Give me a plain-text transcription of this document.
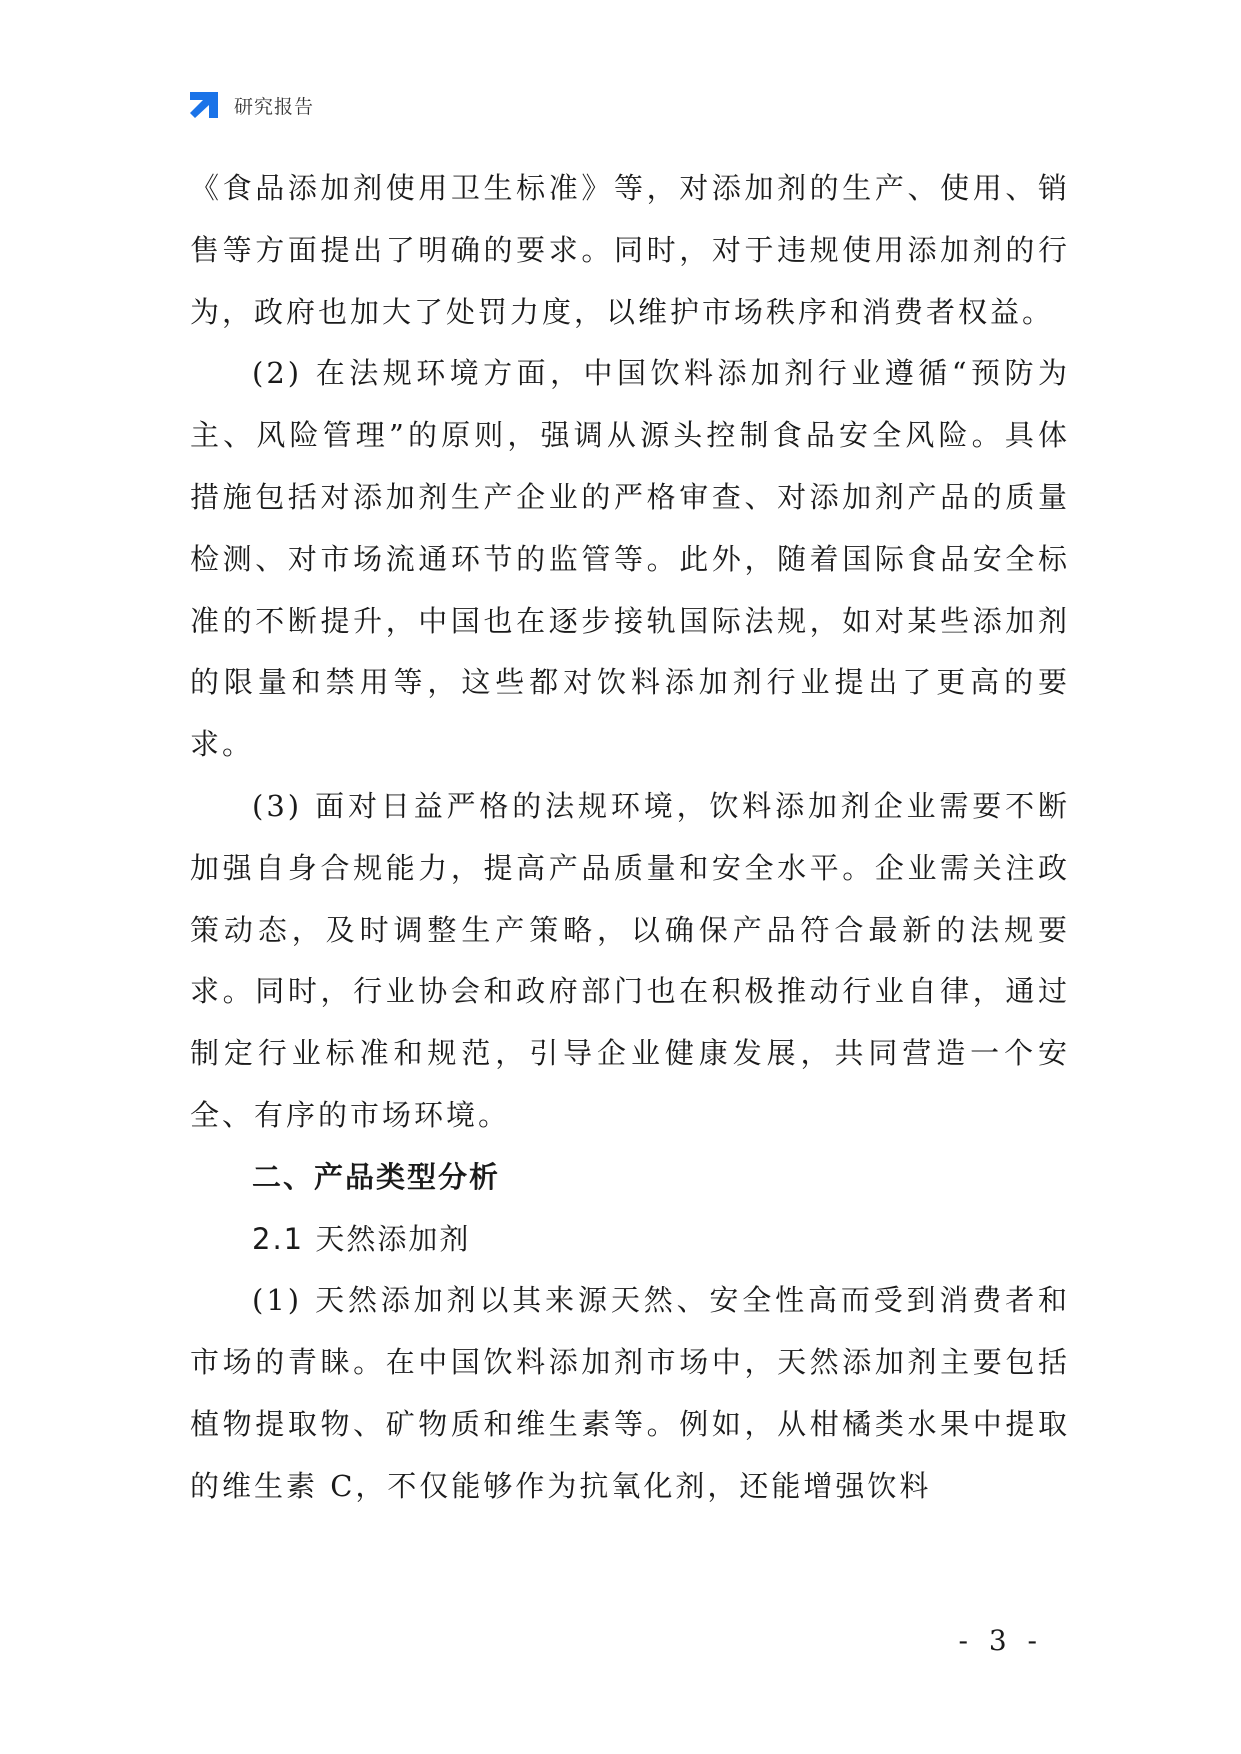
研究报告

《食品添加剂使用卫生标准》等，对添加剂的生产、使用、销售等方面提出了明确的要求。同时，对于违规使用添加剂的行为，政府也加大了处罚力度，以维护市场秩序和消费者权益。

(2) 在法规环境方面，中国饮料添加剂行业遵循“预防为主、风险管理”的原则，强调从源头控制食品安全风险。具体措施包括对添加剂生产企业的严格审查、对添加剂产品的质量检测、对市场流通环节的监管等。此外，随着国际食品安全标准的不断提升，中国也在逐步接轨国际法规，如对某些添加剂的限量和禁用等，这些都对饮料添加剂行业提出了更高的要求。

(3) 面对日益严格的法规环境，饮料添加剂企业需要不断加强自身合规能力，提高产品质量和安全水平。企业需关注政策动态，及时调整生产策略，以确保产品符合最新的法规要求。同时，行业协会和政府部门也在积极推动行业自律，通过制定行业标准和规范，引导企业健康发展，共同营造一个安全、有序的市场环境。

二、产品类型分析

2.1 天然添加剂

(1) 天然添加剂以其来源天然、安全性高而受到消费者和市场的青睐。在中国饮料添加剂市场中，天然添加剂主要包括植物提取物、矿物质和维生素等。例如，从柑橘类水果中提取的维生素 C，不仅能够作为抗氧化剂，还能增强饮料

- 3 -
